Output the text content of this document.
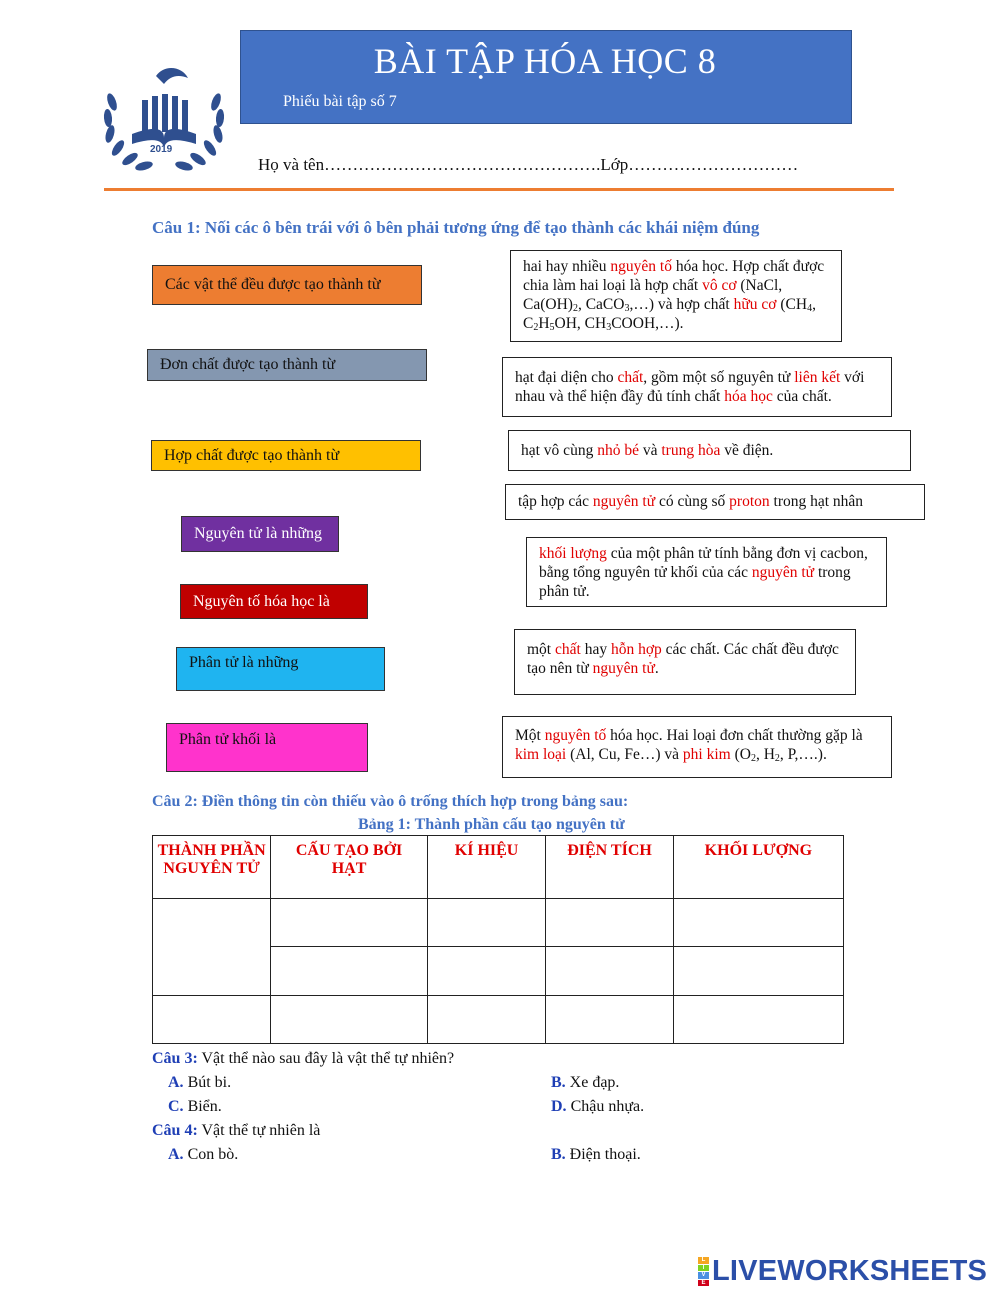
BÀI TẬP HÓA HỌC 8
Phiếu bài tập số 7
2019
Họ và tên………………………………………….Lớp…………………………
Câu 1: Nối các ô bên trái với ô bên phải tương ứng để tạo thành các khái niệm đúng
Các vật thể đều được tạo thành từ
Đơn chất được tạo thành từ
Hợp chất được tạo thành từ
Nguyên tử là những
Nguyên tố hóa học là
Phân tử là những
Phân tử khối là
hai hay nhiều nguyên tố hóa học. Hợp chất được chia làm hai loại là hợp chất vô cơ (NaCl, $Ca(OH)_2$, CaCO$_3$,…) và hợp chất hữu cơ ($CH_4$, $C_2H_5OH$, $CH_3COOH,\dots$).
hạt đại diện cho chất, gồm một số nguyên tử liên kết với nhau và thể hiện đầy đủ tính chất hóa học của chất.
hạt vô cùng nhỏ bé và trung hòa về điện.
tập hợp các nguyên tử có cùng số proton trong hạt nhân
khối lượng của một phân tử tính bằng đơn vị cacbon, bằng tổng nguyên tử khối của các nguyên tử trong phân tử.
một chất hay hỗn hợp các chất. Các chất đều được tạo nên từ nguyên tử.
Một nguyên tố hóa học. Hai loại đơn chất thường gặp là kim loại (Al, Cu, Fe…) và phi kim ($O_2$, $H_2$, P,….).
Câu 2: Điền thông tin còn thiếu vào ô trống thích hợp trong bảng sau:
Bảng 1: Thành phần cấu tạo nguyên tử
THÀNH PHẦN NGUYÊN TỬ	CẤU TẠO BỞI HẠT	KÍ HIỆU	ĐIỆN TÍCH	KHỐI LƯỢNG

Câu 3: Vật thể nào sau đây là vật thể tự nhiên?
A. Bút bi.	B. Xe đạp.
C. Biển.	D. Chậu nhựa.
Câu 4: Vật thể tự nhiên là
A. Con bò.	B. Điện thoại.
L
I
V
E LIVEWORKSHEETS
